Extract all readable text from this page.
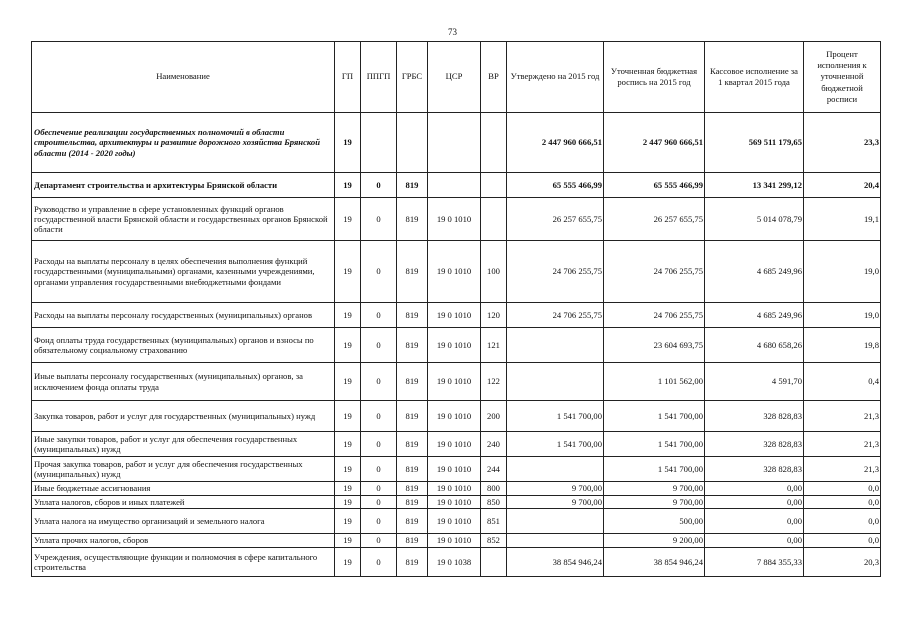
73
Наименование	ГП	ППГП	ГРБС	ЦСР	ВР	Утверждено на 2015 год	Уточненная бюджетная роспись на 2015 год	Кассовое исполнение за 1 квартал 2015 года	Процент исполнения к уточненной бюджетной росписи
Обеспечение реализации государственных полномочий в области строительства, архитектуры и развитие дорожного хозяйства Брянской области (2014 - 2020 годы)	19					2 447 960 666,51	2 447 960 666,51	569 511 179,65	23,3
Департамент строительства и архитектуры Брянской области	19	0	819			65 555 466,99	65 555 466,99	13 341 299,12	20,4
Руководство и управление в сфере установленных функций органов государственной власти Брянской области и государственных органов Брянской области	19	0	819	19 0 1010		26 257 655,75	26 257 655,75	5 014 078,79	19,1
Расходы на выплаты персоналу в целях обеспечения выполнения функций государственными (муниципальными) органами, казенными учреждениями, органами управления государственными внебюджетными фондами	19	0	819	19 0 1010	100	24 706 255,75	24 706 255,75	4 685 249,96	19,0
Расходы на выплаты персоналу государственных (муниципальных) органов	19	0	819	19 0 1010	120	24 706 255,75	24 706 255,75	4 685 249,96	19,0
Фонд оплаты труда государственных (муниципальных) органов и взносы по обязательному социальному страхованию	19	0	819	19 0 1010	121		23 604 693,75	4 680 658,26	19,8
Иные выплаты персоналу государственных (муниципальных) органов, за исключением фонда оплаты труда	19	0	819	19 0 1010	122		1 101 562,00	4 591,70	0,4
Закупка товаров, работ и услуг для государственных (муниципальных) нужд	19	0	819	19 0 1010	200	1 541 700,00	1 541 700,00	328 828,83	21,3
Иные закупки товаров, работ и услуг для обеспечения государственных (муниципальных) нужд	19	0	819	19 0 1010	240	1 541 700,00	1 541 700,00	328 828,83	21,3
Прочая закупка товаров, работ и услуг для обеспечения государственных (муниципальных) нужд	19	0	819	19 0 1010	244		1 541 700,00	328 828,83	21,3
Иные бюджетные ассигнования	19	0	819	19 0 1010	800	9 700,00	9 700,00	0,00	0,0
Уплата налогов, сборов и иных платежей	19	0	819	19 0 1010	850	9 700,00	9 700,00	0,00	0,0
Уплата налога на имущество организаций и земельного налога	19	0	819	19 0 1010	851		500,00	0,00	0,0
Уплата прочих налогов, сборов	19	0	819	19 0 1010	852		9 200,00	0,00	0,0
Учреждения, осуществляющие функции и полномочия в сфере капитального строительства	19	0	819	19 0 1038		38 854 946,24	38 854 946,24	7 884 355,33	20,3
